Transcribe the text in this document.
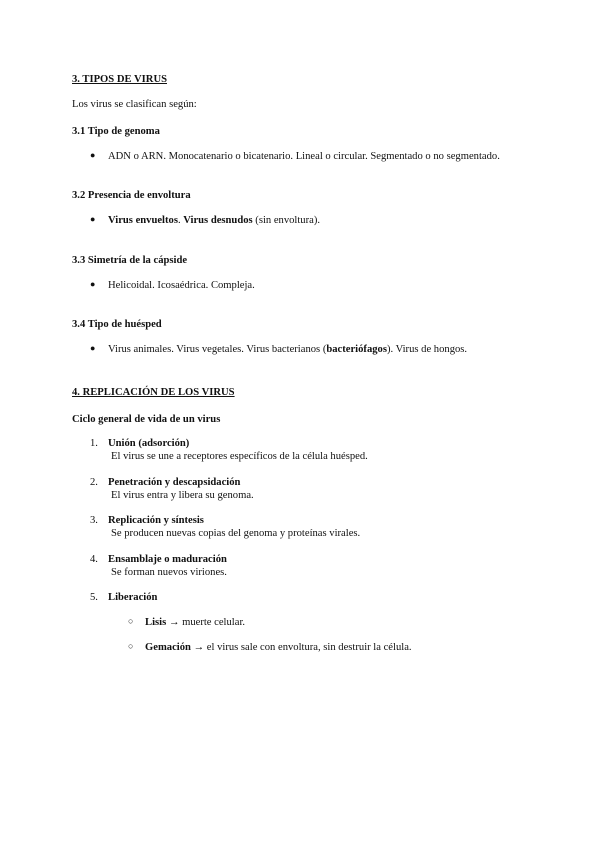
3. TIPOS DE VIRUS
Los virus se clasifican según:
3.1 Tipo de genoma
● ADN o ARN. Monocatenario o bicatenario. Lineal o circular. Segmentado o no segmentado.
3.2 Presencia de envoltura
● Virus envueltos. Virus desnudos (sin envoltura).
3.3 Simetría de la cápside
● Helicoidal. Icosaédrica. Compleja.
3.4 Tipo de huésped
● Virus animales. Virus vegetales. Virus bacterianos (bacteriófagos). Virus de hongos.
4. REPLICACIÓN DE LOS VIRUS
Ciclo general de vida de un virus
1. Unión (adsorción)
El virus se une a receptores específicos de la célula huésped.
2. Penetración y descapsidación
El virus entra y libera su genoma.
3. Replicación y síntesis
Se producen nuevas copias del genoma y proteínas virales.
4. Ensamblaje o maduración
Se forman nuevos viriones.
5. Liberación
○ Lisis → muerte celular.
○ Gemación → el virus sale con envoltura, sin destruir la célula.
